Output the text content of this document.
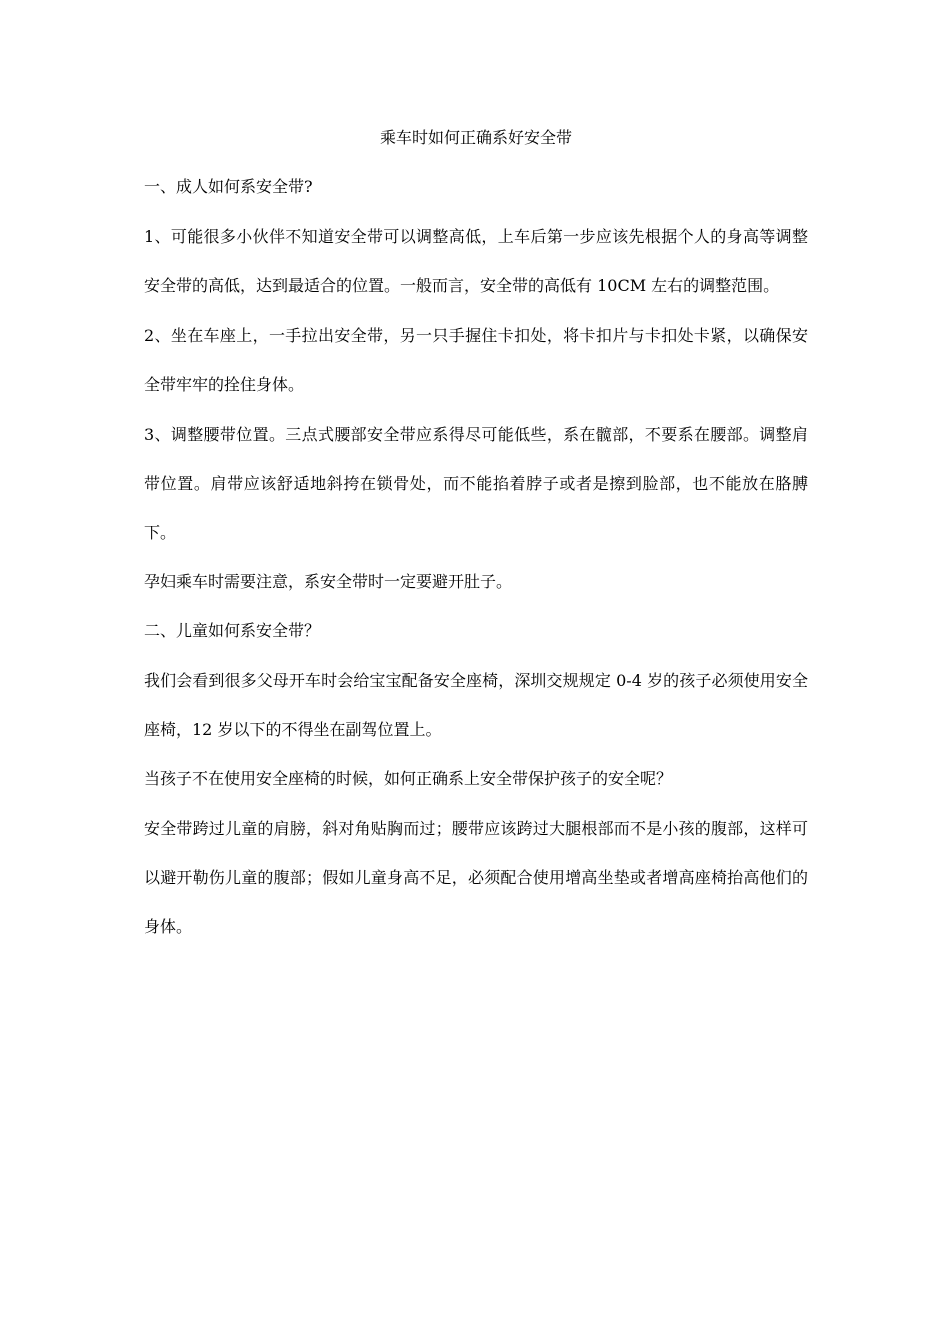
乘车时如何正确系好安全带

一、成人如何系安全带?

1、可能很多小伙伴不知道安全带可以调整高低，上车后第一步应该先根据个人的身高等调整安全带的高低，达到最适合的位置。一般而言，安全带的高低有 10CM 左右的调整范围。

2、坐在车座上，一手拉出安全带，另一只手握住卡扣处，将卡扣片与卡扣处卡紧，以确保安全带牢牢的拴住身体。

3、调整腰带位置。三点式腰部安全带应系得尽可能低些，系在髋部，不要系在腰部。调整肩带位置。肩带应该舒适地斜挎在锁骨处，而不能掐着脖子或者是擦到脸部，也不能放在胳膊下。

孕妇乘车时需要注意，系安全带时一定要避开肚子。

二、儿童如何系安全带？

我们会看到很多父母开车时会给宝宝配备安全座椅，深圳交规规定 0-4 岁的孩子必须使用安全座椅，12 岁以下的不得坐在副驾位置上。

当孩子不在使用安全座椅的时候，如何正确系上安全带保护孩子的安全呢？

安全带跨过儿童的肩膀，斜对角贴胸而过；腰带应该跨过大腿根部而不是小孩的腹部，这样可以避开勒伤儿童的腹部；假如儿童身高不足，必须配合使用增高坐垫或者增高座椅抬高他们的身体。
